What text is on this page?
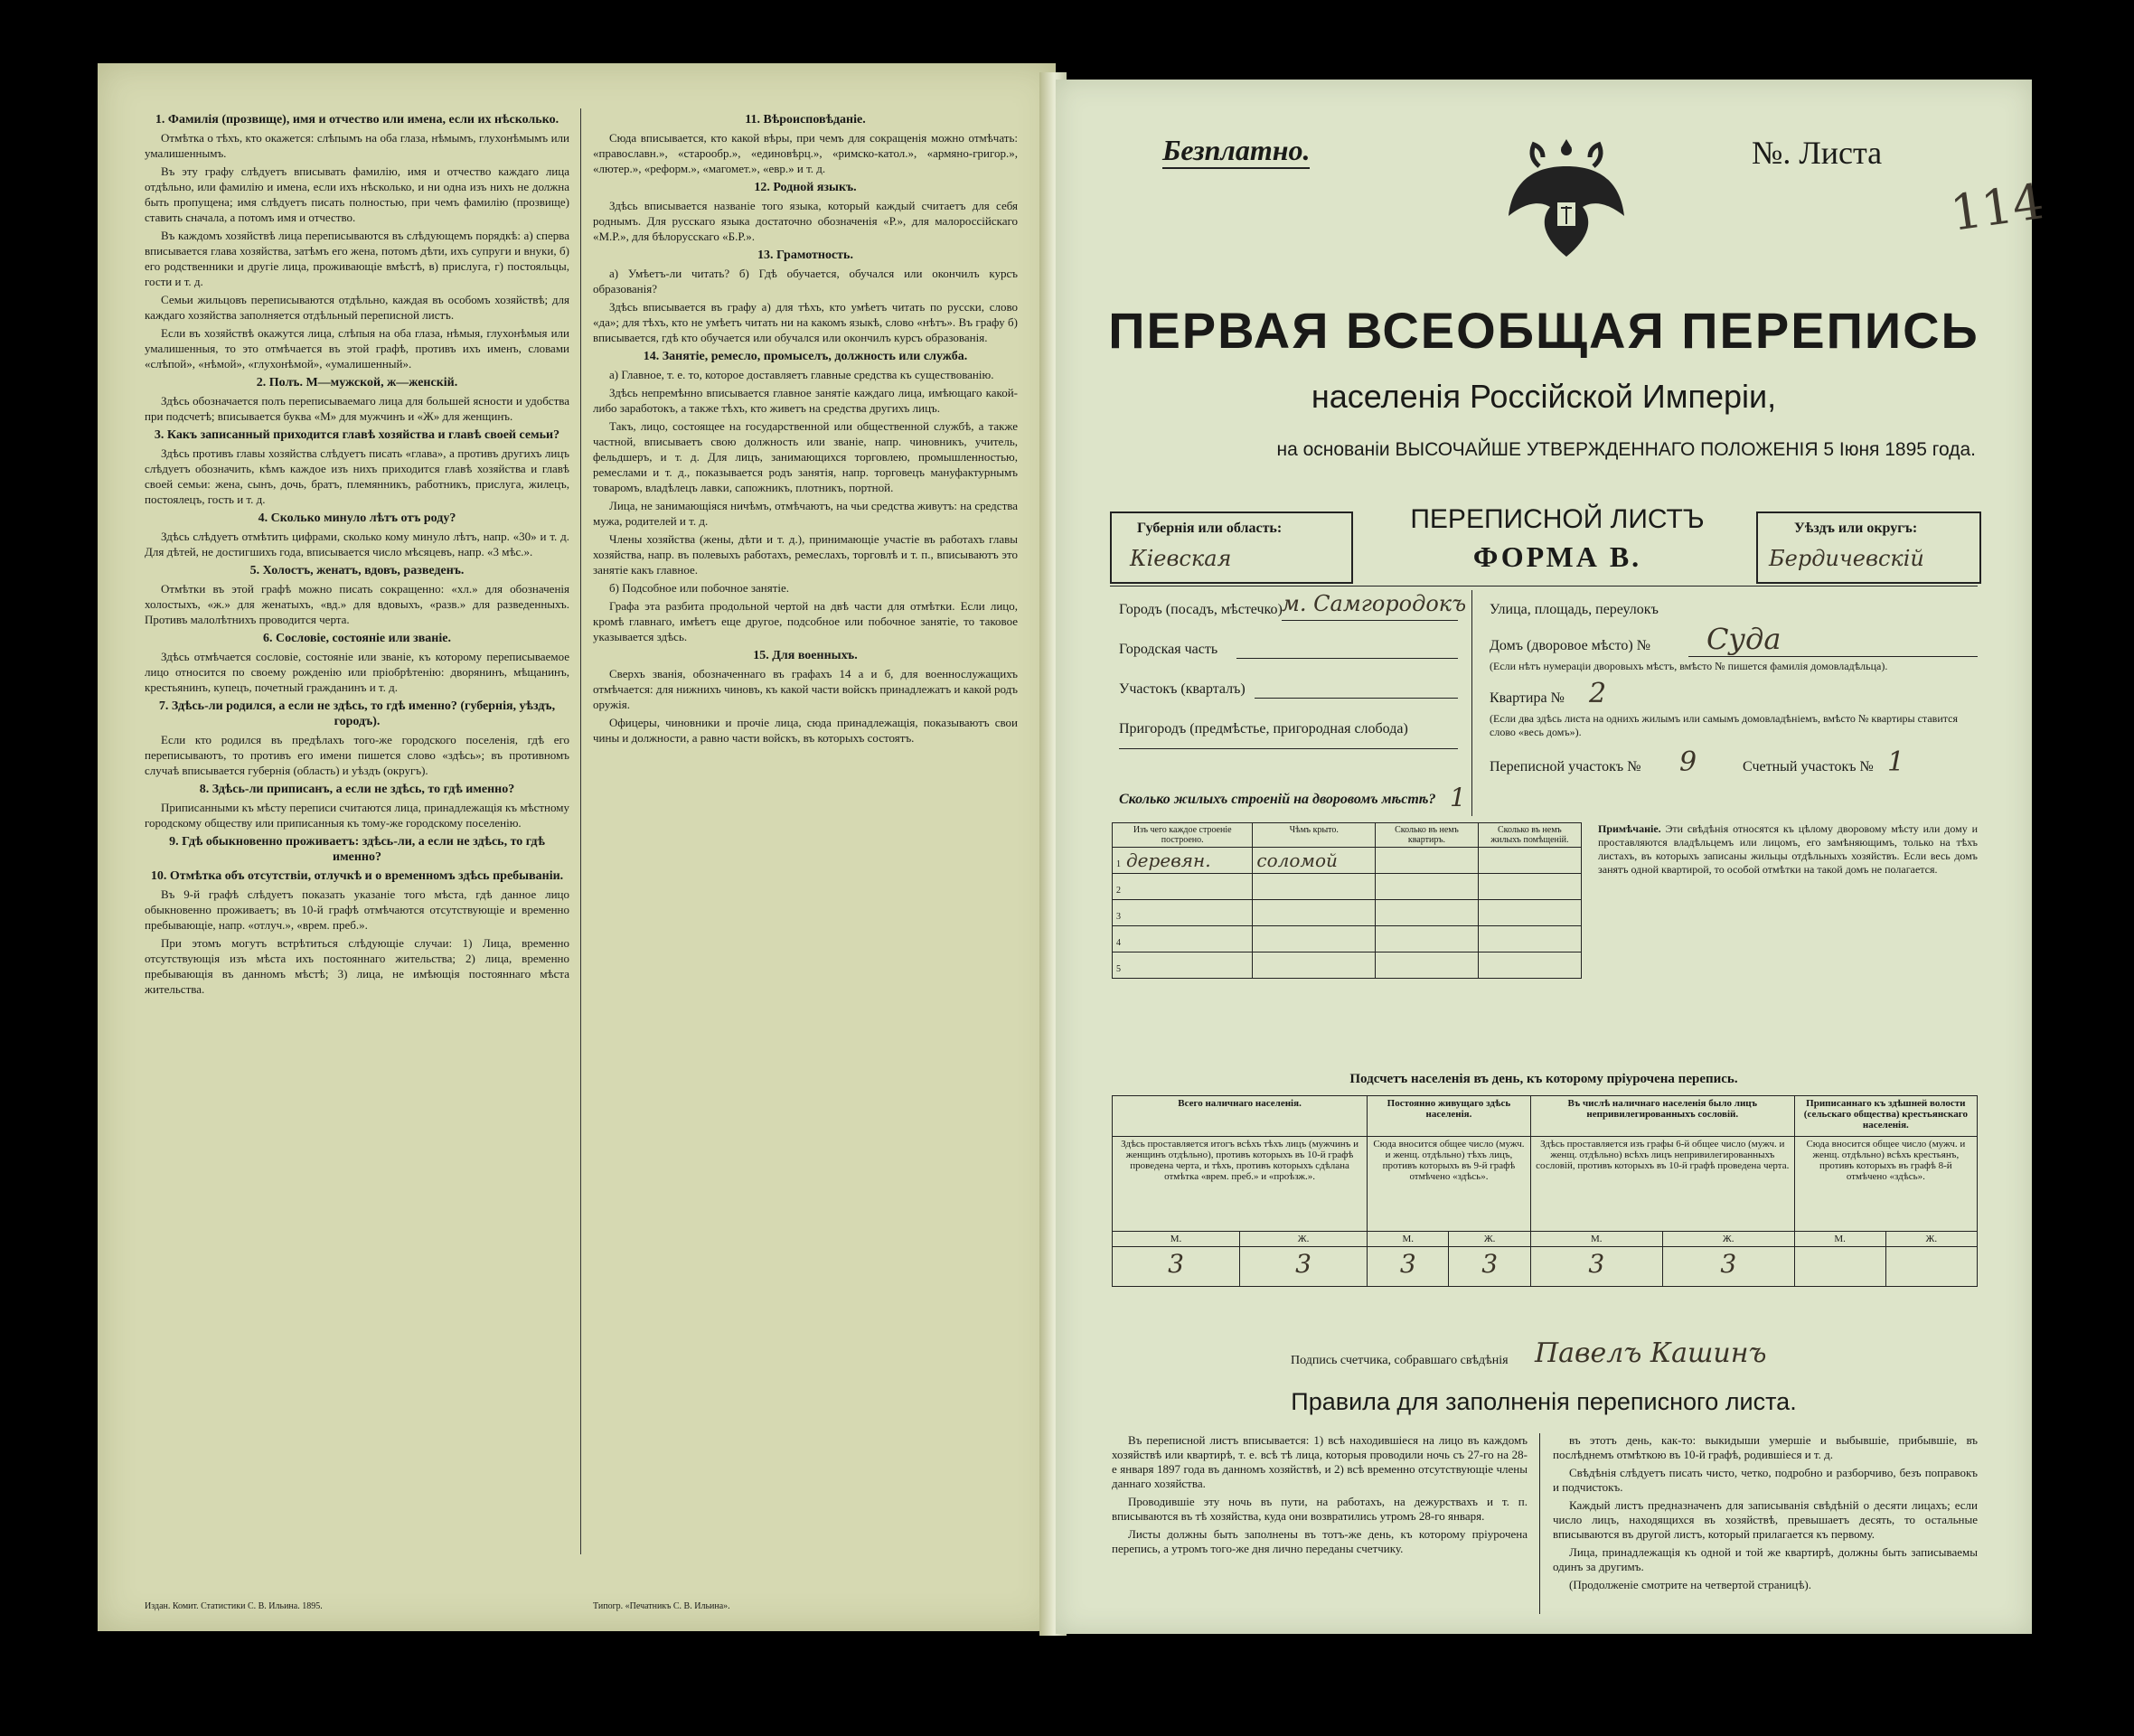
1. Фамилія (прозвище), имя и отчество или имена, если их нѣсколько.

Отмѣтка о тѣхъ, кто окажется: слѣпымъ на оба глаза, нѣмымъ, глухонѣмымъ или умалишеннымъ.

Въ эту графу слѣдуетъ вписывать фамилію, имя и отчество каждаго лица отдѣльно, или фамилію и имена, если ихъ нѣсколько, и ни одна изъ нихъ не должна быть пропущена; имя слѣдуетъ писать полностью, при чемъ фамилію (прозвище) ставить сначала, а потомъ имя и отчество.

Въ каждомъ хозяйствѣ лица переписываются въ слѣдующемъ порядкѣ: а) сперва вписывается глава хозяйства, затѣмъ его жена, потомъ дѣти, ихъ супруги и внуки, б) его родственники и другіе лица, проживающіе вмѣстѣ, в) прислуга, г) постояльцы, гости и т. д.

Семьи жильцовъ переписываются отдѣльно, каждая въ особомъ хозяйствѣ; для каждаго хозяйства заполняется отдѣльный переписной листъ.

Если въ хозяйствѣ окажутся лица, слѣпыя на оба глаза, нѣмыя, глухонѣмыя или умалишенныя, то это отмѣчается въ этой графѣ, противъ ихъ именъ, словами «слѣпой», «нѣмой», «глухонѣмой», «умалишенный».

2. Полъ. М—мужской, ж—женскій.

Здѣсь обозначается полъ переписываемаго лица для большей ясности и удобства при подсчетѣ; вписывается буква «М» для мужчинъ и «Ж» для женщинъ.

3. Какъ записанный приходится главѣ хозяйства и главѣ своей семьи?

Здѣсь противъ главы хозяйства слѣдуетъ писать «глава», а противъ другихъ лицъ слѣдуетъ обозначить, кѣмъ каждое изъ нихъ приходится главѣ хозяйства и главѣ своей семьи: жена, сынъ, дочь, братъ, племянникъ, работникъ, прислуга, жилецъ, постоялецъ, гость и т. д.

4. Сколько минуло лѣтъ отъ роду?

Здѣсь слѣдуетъ отмѣтить цифрами, сколько кому минуло лѣтъ, напр. «30» и т. д. Для дѣтей, не достигшихъ года, вписывается число мѣсяцевъ, напр. «3 мѣс.».

5. Холостъ, женатъ, вдовъ, разведенъ.

Отмѣтки въ этой графѣ можно писать сокращенно: «хл.» для обозначенія холостыхъ, «ж.» для женатыхъ, «вд.» для вдовыхъ, «разв.» для разведенныхъ. Противъ малолѣтнихъ проводится черта.

6. Сословіе, состояніе или званіе.

Здѣсь отмѣчается сословіе, состояніе или званіе, къ которому переписываемое лицо относится по своему рожденію или пріобрѣтенію: дворянинъ, мѣщанинъ, крестьянинъ, купецъ, почетный гражданинъ и т. д.

7. Здѣсь-ли родился, а если не здѣсь, то гдѣ именно? (губернія, уѣздъ, городъ).

Если кто родился въ предѣлахъ того-же городского поселенія, гдѣ его переписываютъ, то противъ его имени пишется слово «здѣсь»; въ противномъ случаѣ вписывается губернія (область) и уѣздъ (округъ).

8. Здѣсь-ли приписанъ, а если не здѣсь, то гдѣ именно?

Приписанными къ мѣсту переписи считаются лица, принадлежащія къ мѣстному городскому обществу или приписанныя къ тому-же городскому поселенію.

9. Гдѣ обыкновенно проживаетъ: здѣсь-ли, а если не здѣсь, то гдѣ именно?
10. Отмѣтка объ отсутствіи, отлучкѣ и о временномъ здѣсь пребываніи.

Въ 9-й графѣ слѣдуетъ показать указаніе того мѣста, гдѣ данное лицо обыкновенно проживаетъ; въ 10-й графѣ отмѣчаются отсутствующіе и временно пребывающіе, напр. «отлуч.», «врем. преб.».

При этомъ могутъ встрѣтиться слѣдующіе случаи: 1) Лица, временно отсутствующія изъ мѣста ихъ постояннаго жительства; 2) лица, временно пребывающія въ данномъ мѣстѣ; 3) лица, не имѣющія постояннаго мѣста жительства.

11. Вѣроисповѣданіе.

Сюда вписывается, кто какой вѣры, при чемъ для сокращенія можно отмѣчать: «православн.», «старообр.», «единовѣрц.», «римско-катол.», «армяно-григор.», «лютер.», «реформ.», «магомет.», «евр.» и т. д.

12. Родной языкъ.

Здѣсь вписывается названіе того языка, который каждый считаетъ для себя роднымъ. Для русскаго языка достаточно обозначенія «Р.», для малороссійскаго «М.Р.», для бѣлорусскаго «Б.Р.».

13. Грамотность.

а) Умѣетъ-ли читать? б) Гдѣ обучается, обучался или окончилъ курсъ образованія?

Здѣсь вписывается въ графу а) для тѣхъ, кто умѣетъ читать по русски, слово «да»; для тѣхъ, кто не умѣетъ читать ни на какомъ языкѣ, слово «нѣтъ». Въ графу б) вписывается, гдѣ кто обучается или обучался или окончилъ курсъ образованія.

14. Занятіе, ремесло, промыселъ, должность или служба.

а) Главное, т. е. то, которое доставляетъ главные средства къ существованію.

Здѣсь непремѣнно вписывается главное занятіе каждаго лица, имѣющаго какой-либо заработокъ, а также тѣхъ, кто живетъ на средства другихъ лицъ.

Такъ, лицо, состоящее на государственной или общественной службѣ, а также частной, вписываетъ свою должность или званіе, напр. чиновникъ, учитель, фельдшеръ, и т. д. Для лицъ, занимающихся торговлею, промышленностью, ремеслами и т. д., показывается родъ занятія, напр. торговецъ мануфактурнымъ товаромъ, владѣлецъ лавки, сапожникъ, плотникъ, портной.

Лица, не занимающіяся ничѣмъ, отмѣчаютъ, на чьи средства живутъ: на средства мужа, родителей и т. д.

Члены хозяйства (жены, дѣти и т. д.), принимающіе участіе въ работахъ главы хозяйства, напр. въ полевыхъ работахъ, ремеслахъ, торговлѣ и т. п., вписываютъ это занятіе какъ главное.

б) Подсобное или побочное занятіе.

Графа эта разбита продольной чертой на двѣ части для отмѣтки. Если лицо, кромѣ главнаго, имѣетъ еще другое, подсобное или побочное занятіе, то таковое указывается здѣсь.

15. Для военныхъ.

Сверхъ званія, обозначеннаго въ графахъ 14 а и б, для военнослужащихъ отмѣчается: для нижнихъ чиновъ, къ какой части войскъ принадлежатъ и какой родъ оружія.

Офицеры, чиновники и прочіе лица, сюда принадлежащія, показываютъ свои чины и должности, а равно части войскъ, въ которыхъ состоятъ.

Издан. Комит. Статистики С. В. Ильина. 1895.	Типогр. «Печатникъ С. В. Ильина».
Безплатно.	№. Листа
114
ПЕРВАЯ ВСЕОБЩАЯ ПЕРЕПИСЬ
населенія Россійской Имперіи,
на основаніи ВЫСОЧАЙШЕ УТВЕРЖДЕННАГО ПОЛОЖЕНІЯ 5 Іюня 1895 года.
Губернія или область:
Кіевская
ПЕРЕПИСНОЙ ЛИСТЪ
ФОРМА В.
Уѣздъ или округъ:
Бердичевскій
Городъ (посадъ, мѣстечко) м. Самгородокъ
Городская часть
Участокъ (кварталъ)
Пригородъ (предмѣстье, пригородная слобода)
Улица, площадь, переулокъ
Домъ (дворовое мѣсто) № Суда
(Если нѣтъ нумераціи дворовыхъ мѣстъ, вмѣсто № пишется фамилія домовладѣльца).
Квартира № 2
(Если два здѣсь листа на однихъ жилымъ или самымъ домовладѣніемъ, вмѣсто № квартиры ставится слово «весь домъ»).
Переписной участокъ № 9	Счетный участокъ № 1
Сколько жилыхъ строеній на дворовомъ мѣстѣ? 1
Изъ чего каждое строеніе построено.	Чѣмъ крыто.	Сколько въ немъ квартиръ.	Сколько въ немъ жилыхъ помѣщеній.
1 деревян.	соломой		
2			
3			
4			
5			
Примѣчаніе. Эти свѣдѣнія относятся къ цѣлому дворовому мѣсту или дому и проставляются владѣльцемъ или лицомъ, его замѣняющимъ, только на тѣхъ листахъ, въ которыхъ записаны жильцы отдѣльныхъ хозяйствъ. Если весь домъ занятъ одной квартирой, то особой отмѣтки на такой домъ не полагается.
Подсчетъ населенія въ день, къ которому пріурочена перепись.
Всего наличнаго населенія.		Постоянно живущаго здѣсь населенія.		Въ числѣ наличнаго населенія было лицъ непривилегированныхъ сословій.		Приписаннаго къ здѣшней волости (сельскаго общества) крестьянскаго населенія.	
Здѣсь проставляется итогъ всѣхъ тѣхъ лицъ (мужчинъ и женщинъ отдѣльно), противъ которыхъ въ 10-й графѣ проведена черта, и тѣхъ, противъ которыхъ сдѣлана отмѣтка «врем. преб.» и «проѣзж.».		Сюда вносится общее число (мужч. и женщ. отдѣльно) тѣхъ лицъ, противъ которыхъ въ 9-й графѣ отмѣчено «здѣсь».		Здѣсь проставляется изъ графы 6-й общее число (мужч. и женщ. отдѣльно) всѣхъ лицъ непривилегированныхъ сословій, противъ которыхъ въ 10-й графѣ проведена черта.		Сюда вносится общее число (мужч. и женщ. отдѣльно) всѣхъ крестьянъ, противъ которыхъ въ графѣ 8-й отмѣчено «здѣсь».	
М.	Ж.	М.	Ж.	М.	Ж.	М.	Ж.
3	3	3	3	3	3		
Подпись счетчика, собравшаго свѣдѣнія Павелъ Кашинъ
Правила для заполненія переписного листа.

Въ переписной листъ вписывается: 1) всѣ находившіеся на лицо въ каждомъ хозяйствѣ или квартирѣ, т. е. всѣ тѣ лица, которыя проводили ночь съ 27-го на 28-е января 1897 года въ данномъ хозяйствѣ, и 2) всѣ временно отсутствующіе члены даннаго хозяйства.

Проводившіе эту ночь въ пути, на работахъ, на дежурствахъ и т. п. вписываются въ тѣ хозяйства, куда они возвратились утромъ 28-го января.

Листы должны быть заполнены въ тотъ-же день, къ которому пріурочена перепись, а утромъ того-же дня лично переданы счетчику.

въ этотъ день, как-то: выкидыши умершіе и выбывшіе, прибывшіе, въ послѣднемъ отмѣткою въ 10-й графѣ, родившіеся и т. д.

Свѣдѣнія слѣдуетъ писать чисто, четко, подробно и разборчиво, безъ поправокъ и подчистокъ.

Каждый листъ предназначенъ для записыванія свѣдѣній о десяти лицахъ; если число лицъ, находящихся въ хозяйствѣ, превышаетъ десять, то остальные вписываются въ другой листъ, который прилагается къ первому.

Лица, принадлежащія къ одной и той же квартирѣ, должны быть записываемы одинъ за другимъ.

(Продолженіе смотрите на четвертой страницѣ).
